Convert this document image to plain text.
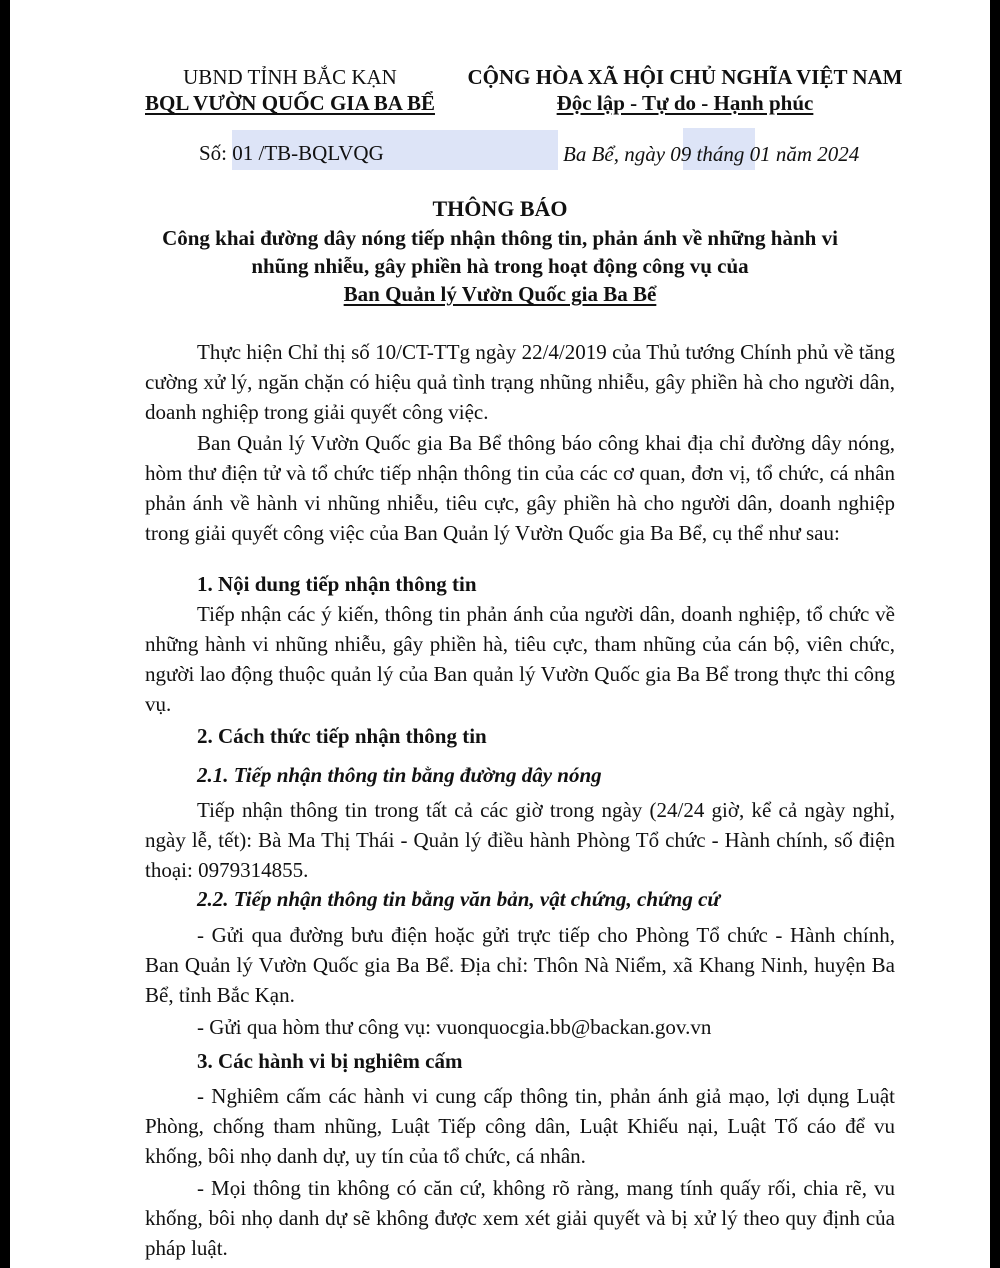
UBND TỈNH BẮC KẠN
BQL VƯỜN QUỐC GIA BA BỂ
CỘNG HÒA XÃ HỘI CHỦ NGHĨA VIỆT NAM
Độc lập - Tự do - Hạnh phúc
Số: 01 /TB-BQLVQG	Ba Bể, ngày 09 tháng 01 năm 2024
THÔNG BÁO
Công khai đường dây nóng tiếp nhận thông tin, phản ánh về những hành vi
nhũng nhiễu, gây phiền hà trong hoạt động công vụ của
Ban Quản lý Vườn Quốc gia Ba Bể
Thực hiện Chỉ thị số 10/CT-TTg ngày 22/4/2019 của Thủ tướng Chính phủ về tăng cường xử lý, ngăn chặn có hiệu quả tình trạng nhũng nhiễu, gây phiền hà cho người dân, doanh nghiệp trong giải quyết công việc.
Ban Quản lý Vườn Quốc gia Ba Bể thông báo công khai địa chỉ đường dây nóng, hòm thư điện tử và tổ chức tiếp nhận thông tin của các cơ quan, đơn vị, tổ chức, cá nhân phản ánh về hành vi nhũng nhiễu, tiêu cực, gây phiền hà cho người dân, doanh nghiệp trong giải quyết công việc của Ban Quản lý Vườn Quốc gia Ba Bể, cụ thể như sau:
1. Nội dung tiếp nhận thông tin
Tiếp nhận các ý kiến, thông tin phản ánh của người dân, doanh nghiệp, tổ chức về những hành vi nhũng nhiễu, gây phiền hà, tiêu cực, tham nhũng của cán bộ, viên chức, người lao động thuộc quản lý của Ban quản lý Vườn Quốc gia Ba Bể trong thực thi công vụ.
2. Cách thức tiếp nhận thông tin
2.1. Tiếp nhận thông tin bằng đường dây nóng
Tiếp nhận thông tin trong tất cả các giờ trong ngày (24/24 giờ, kể cả ngày nghỉ, ngày lễ, tết): Bà Ma Thị Thái - Quản lý điều hành Phòng Tổ chức - Hành chính, số điện thoại: 0979314855.
2.2. Tiếp nhận thông tin bằng văn bản, vật chứng, chứng cứ
- Gửi qua đường bưu điện hoặc gửi trực tiếp cho Phòng Tổ chức - Hành chính, Ban Quản lý Vườn Quốc gia Ba Bể. Địa chỉ: Thôn Nà Niểm, xã Khang Ninh, huyện Ba Bể, tỉnh Bắc Kạn.
- Gửi qua hòm thư công vụ: vuonquocgia.bb@backan.gov.vn
3. Các hành vi bị nghiêm cấm
- Nghiêm cấm các hành vi cung cấp thông tin, phản ánh giả mạo, lợi dụng Luật Phòng, chống tham nhũng, Luật Tiếp công dân, Luật Khiếu nại, Luật Tố cáo để vu khống, bôi nhọ danh dự, uy tín của tổ chức, cá nhân.
- Mọi thông tin không có căn cứ, không rõ ràng, mang tính quấy rối, chia rẽ, vu khống, bôi nhọ danh dự sẽ không được xem xét giải quyết và bị xử lý theo quy định của pháp luật.
